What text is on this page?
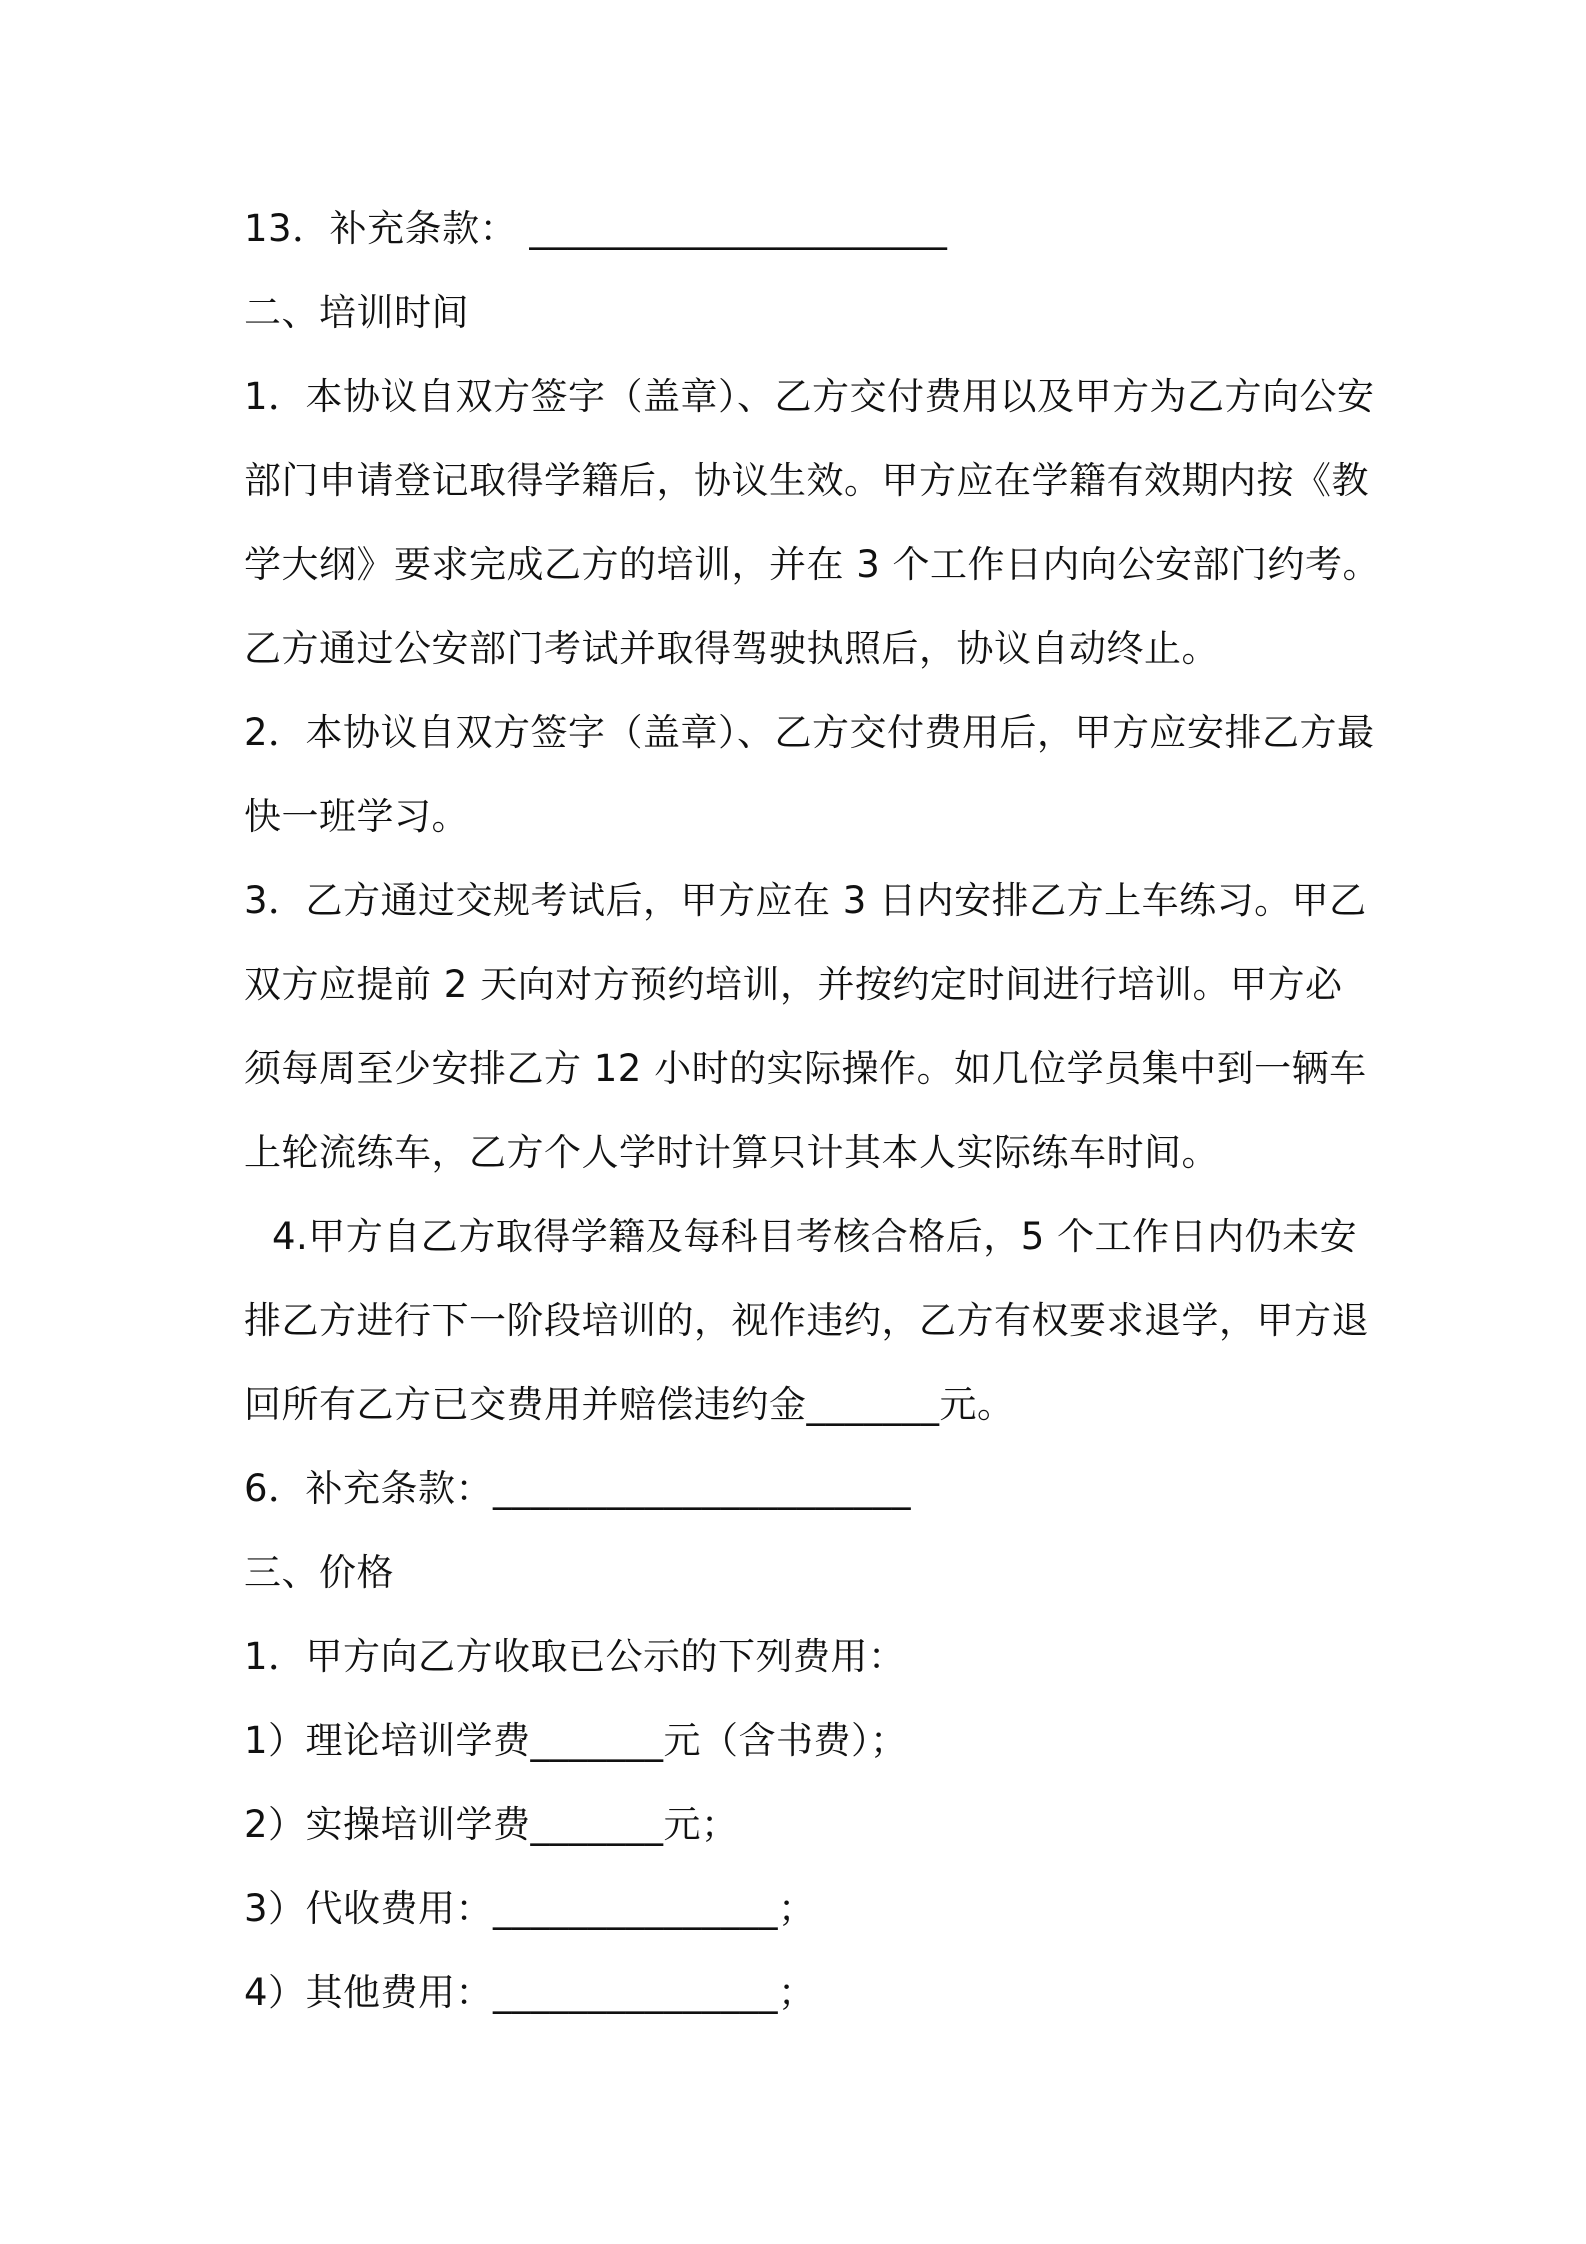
13．补充条款： ______________________
二、培训时间
1．本协议自双方签字（盖章）、乙方交付费用以及甲方为乙方向公安
部门申请登记取得学籍后，协议生效。甲方应在学籍有效期内按《教
学大纲》要求完成乙方的培训，并在 3 个工作日内向公安部门约考。
乙方通过公安部门考试并取得驾驶执照后，协议自动终止。
2．本协议自双方签字（盖章）、乙方交付费用后，甲方应安排乙方最
快一班学习。
3．乙方通过交规考试后，甲方应在 3 日内安排乙方上车练习。甲乙
双方应提前 2 天向对方预约培训，并按约定时间进行培训。甲方必
须每周至少安排乙方 12 小时的实际操作。如几位学员集中到一辆车
上轮流练车，乙方个人学时计算只计其本人实际练车时间。
4.甲方自乙方取得学籍及每科目考核合格后，5 个工作日内仍未安
排乙方进行下一阶段培训的，视作违约，乙方有权要求退学，甲方退
回所有乙方已交费用并赔偿违约金_______元。
6．补充条款：______________________
三、价格
1．甲方向乙方收取已公示的下列费用：
1）理论培训学费_______元（含书费）；
2）实操培训学费_______元；
3）代收费用：_______________；
4）其他费用：_______________；
